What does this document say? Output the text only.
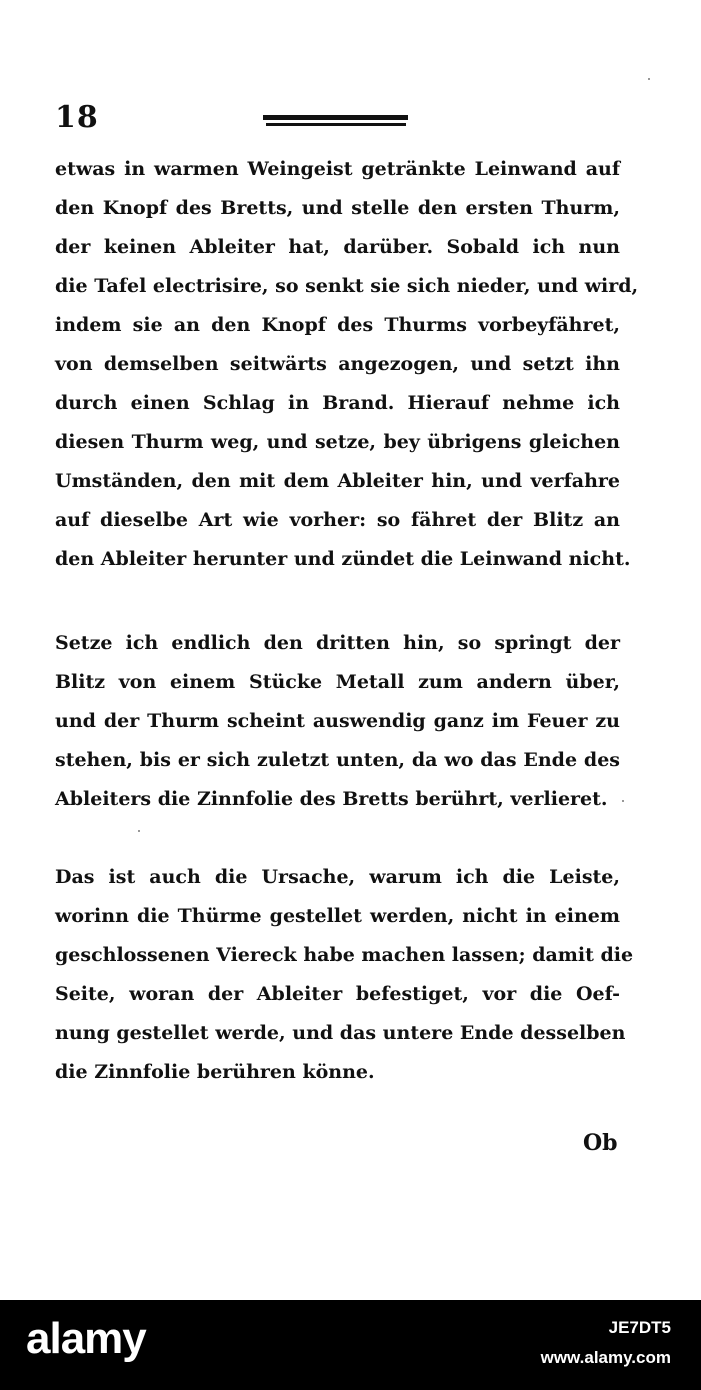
18
etwas in warmen Weingeist getränkte Leinwand auf
den Knopf des Bretts, und stelle den ersten Thurm,
der keinen Ableiter hat, darüber. Sobald ich nun
die Tafel electrisire, so senkt sie sich nieder, und wird,
indem sie an den Knopf des Thurms vorbeyfähret,
von demselben seitwärts angezogen, und setzt ihn
durch einen Schlag in Brand. Hierauf nehme ich
diesen Thurm weg, und setze, bey übrigens gleichen
Umständen, den mit dem Ableiter hin, und verfahre
auf dieselbe Art wie vorher: so fähret der Blitz an
den Ableiter herunter und zündet die Leinwand nicht.
Setze ich endlich den dritten hin, so springt der
Blitz von einem Stücke Metall zum andern über,
und der Thurm scheint auswendig ganz im Feuer zu
stehen, bis er sich zuletzt unten, da wo das Ende des
Ableiters die Zinnfolie des Bretts berührt, verlieret.
Das ist auch die Ursache, warum ich die Leiste,
worinn die Thürme gestellet werden, nicht in einem
geschlossenen Viereck habe machen lassen; damit die
Seite, woran der Ableiter befestiget, vor die Oef-
nung gestellet werde, und das untere Ende desselben
die Zinnfolie berühren könne.
Ob
alamy	JE7DT5
www.alamy.com
